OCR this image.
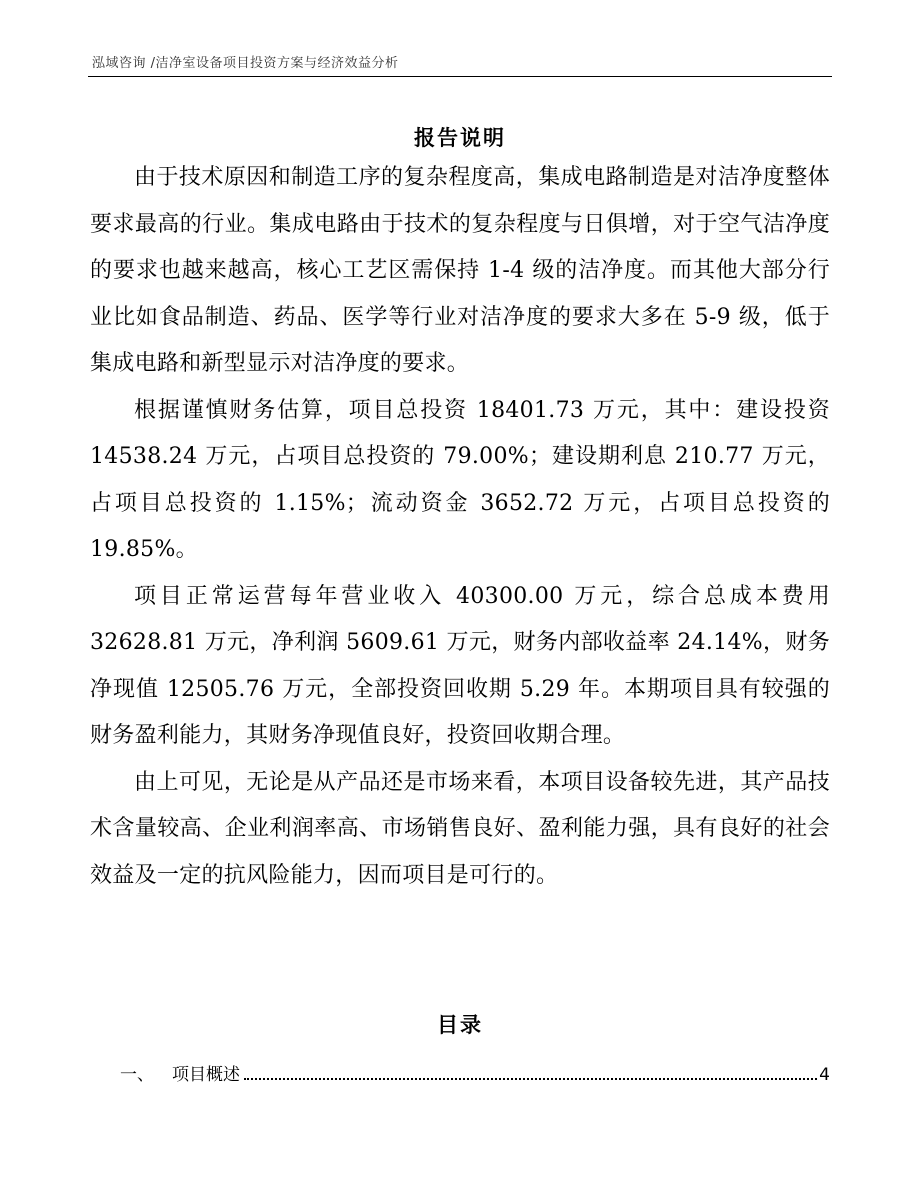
泓域咨询 /洁净室设备项目投资方案与经济效益分析
报告说明

由于技术原因和制造工序的复杂程度高，集成电路制造是对洁净度整体要求最高的行业。集成电路由于技术的复杂程度与日俱增，对于空气洁净度的要求也越来越高，核心工艺区需保持 1-4 级的洁净度。而其他大部分行业比如食品制造、药品、医学等行业对洁净度的要求大多在 5-9 级，低于集成电路和新型显示对洁净度的要求。

根据谨慎财务估算，项目总投资 18401.73 万元，其中：建设投资 14538.24 万元，占项目总投资的 79.00%；建设期利息 210.77 万元，占项目总投资的 1.15%；流动资金 3652.72 万元，占项目总投资的 19.85%。

项目正常运营每年营业收入 40300.00 万元，综合总成本费用 32628.81 万元，净利润 5609.61 万元，财务内部收益率 24.14%，财务净现值 12505.76 万元，全部投资回收期 5.29 年。本期项目具有较强的财务盈利能力，其财务净现值良好，投资回收期合理。

由上可见，无论是从产品还是市场来看，本项目设备较先进，其产品技术含量较高、企业利润率高、市场销售良好、盈利能力强，具有良好的社会效益及一定的抗风险能力，因而项目是可行的。

目录
一、 项目概述	4
